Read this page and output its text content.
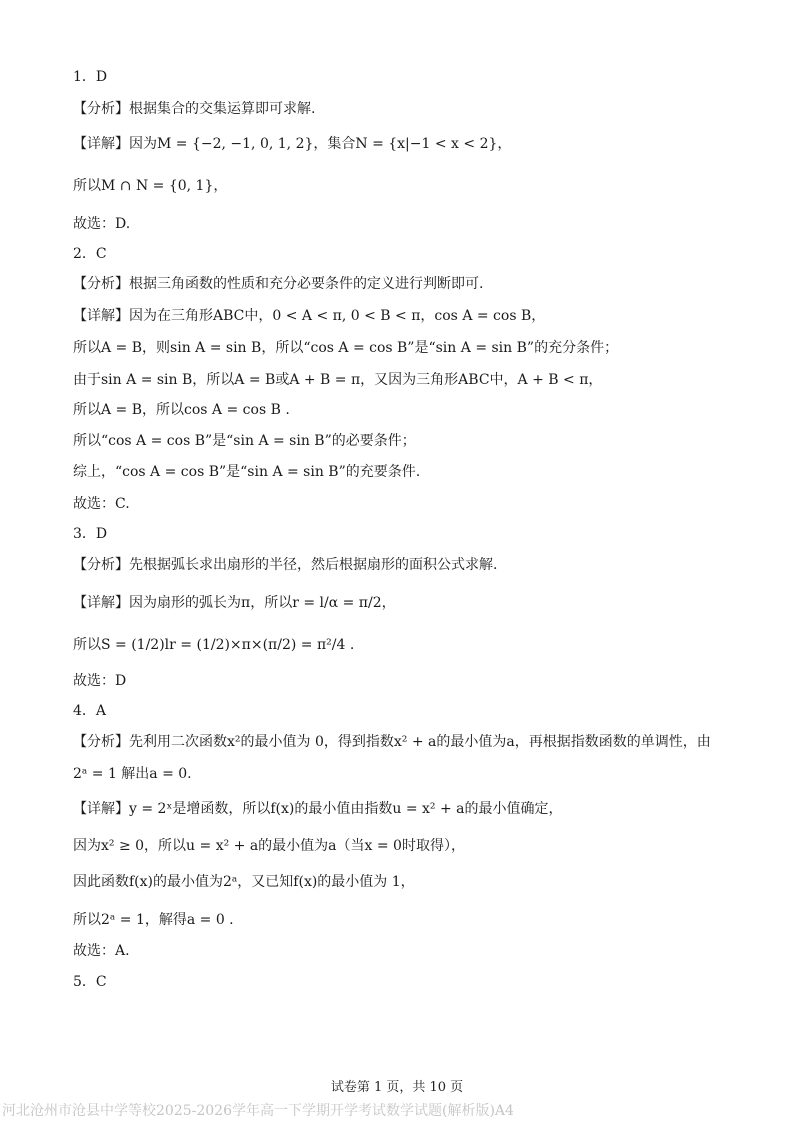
1．D
【分析】根据集合的交集运算即可求解.
【详解】因为M = {−2, −1, 0, 1, 2}，集合N = {x|−1 < x < 2}，
所以M ∩ N = {0, 1}，
故选：D.
2．C
【分析】根据三角函数的性质和充分必要条件的定义进行判断即可.
【详解】因为在三角形ABC中，0 < A < π, 0 < B < π，cos A = cos B，
所以A = B，则sin A = sin B，所以“cos A = cos B”是“sin A = sin B”的充分条件；
由于sin A = sin B，所以A = B或A + B = π，又因为三角形ABC中，A + B < π，
所以A = B，所以cos A = cos B .
所以“cos A = cos B”是“sin A = sin B”的必要条件；
综上，“cos A = cos B”是“sin A = sin B”的充要条件.
故选：C.
3．D
【分析】先根据弧长求出扇形的半径，然后根据扇形的面积公式求解.
【详解】因为扇形的弧长为π，所以r = l/α = π/2，
所以S = (1/2)lr = (1/2)×π×(π/2) = π²/4 .
故选：D
4．A
【分析】先利用二次函数x²的最小值为 0，得到指数x² + a的最小值为a，再根据指数函数的单调性，由
2ᵃ = 1 解出a = 0.
【详解】y = 2ˣ是增函数，所以f(x)的最小值由指数u = x² + a的最小值确定，
因为x² ≥ 0，所以u = x² + a的最小值为a（当x = 0时取得），
因此函数f(x)的最小值为2ᵃ，又已知f(x)的最小值为 1，
所以2ᵃ = 1，解得a = 0 .
故选：A.
5．C
试卷第 1 页，共 10 页
河北沧州市沧县中学等校2025-2026学年高一下学期开学考试数学试题(解析版)A4
